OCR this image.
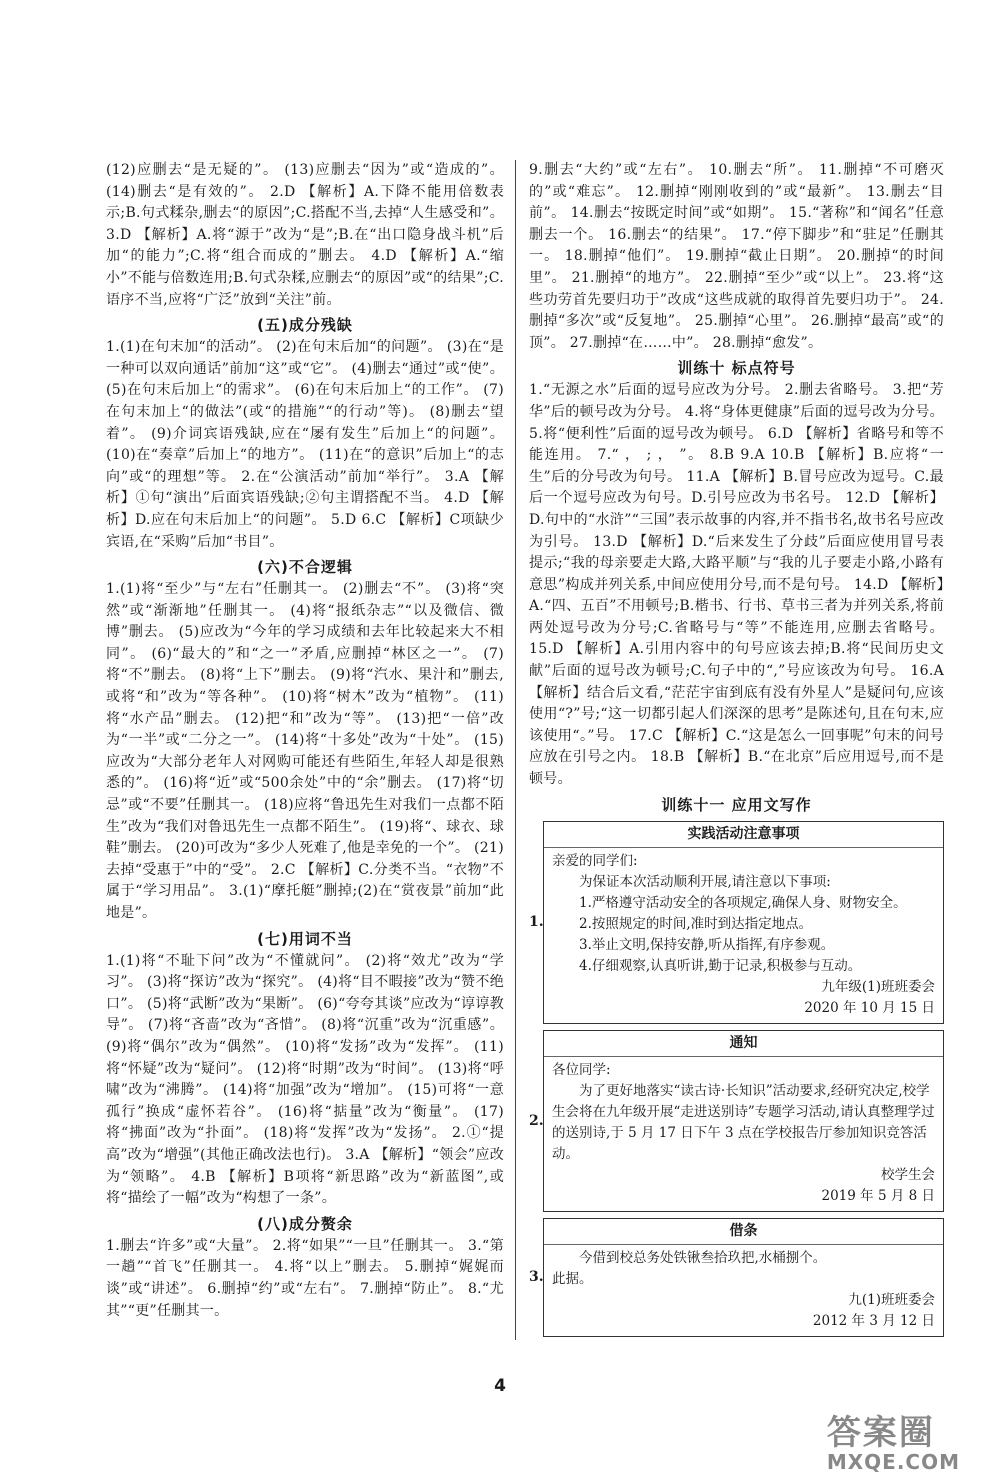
(12)应删去“是无疑的”。 (13)应删去“因为”或“造成的”。 (14)删去“是有效的”。 2.D 【解析】A.下降不能用倍数表示;B.句式糅杂,删去“的原因”;C.搭配不当,去掉“人生感受和”。 3.D 【解析】A.将“源于”改为“是”;B.在“出口隐身战斗机”后加“的能力”;C.将“组合而成的”删去。 4.D 【解析】A.“缩小”不能与倍数连用;B.句式杂糅,应删去“的原因”或“的结果”;C.语序不当,应将“广泛”放到“关注”前。

(五)成分残缺

1.(1)在句末加“的活动”。 (2)在句末后加“的问题”。 (3)在“是一种可以双向通话”前加“这”或“它”。 (4)删去“通过”或“使”。 (5)在句末后加上“的需求”。 (6)在句末后加上“的工作”。 (7)在句末加上“的做法”(或“的措施”“的行动”等)。 (8)删去“望着”。 (9)介词宾语残缺,应在“屡有发生”后加上“的问题”。 (10)在“奏章”后加上“的地方”。 (11)在“的意识”后加上“的志向”或“的理想”等。 2.在“公演活动”前加“举行”。 3.A 【解析】①句“演出”后面宾语残缺;②句主谓搭配不当。 4.D 【解析】D.应在句末后加上“的问题”。 5.D 6.C 【解析】C项缺少宾语,在“采购”后加“书目”。

(六)不合逻辑

1.(1)将“至少”与“左右”任删其一。 (2)删去“不”。 (3)将“突然”或“渐渐地”任删其一。 (4)将“报纸杂志”“以及微信、微博”删去。 (5)应改为“今年的学习成绩和去年比较起来大不相同”。 (6)“最大的”和“之一”矛盾,应删掉“林区之一”。 (7)将“不”删去。 (8)将“上下”删去。 (9)将“汽水、果汁和”删去,或将“和”改为“等各种”。 (10)将“树木”改为“植物”。 (11)将“水产品”删去。 (12)把“和”改为“等”。 (13)把“一倍”改为“一半”或“二分之一”。 (14)将“十多处”改为“十处”。 (15)应改为“大部分老年人对网购可能还有些陌生,年轻人却是很熟悉的”。 (16)将“近”或“500余处”中的“余”删去。 (17)将“切忌”或“不要”任删其一。 (18)应将“鲁迅先生对我们一点都不陌生”改为“我们对鲁迅先生一点都不陌生”。 (19)将“、球衣、球鞋”删去。 (20)可改为“多少人死难了,他是幸免的一个”。 (21)去掉“受惠于”中的“受”。 2.C 【解析】C.分类不当。“衣物”不属于“学习用品”。 3.(1)“摩托艇”删掉;(2)在“赏夜景”前加“此地是”。

(七)用词不当

1.(1)将“不耻下问”改为“不懂就问”。 (2)将“效尤”改为“学习”。 (3)将“探访”改为“探究”。 (4)将“目不暇接”改为“赞不绝口”。 (5)将“武断”改为“果断”。 (6)“夸夸其谈”应改为“谆谆教导”。 (7)将“吝啬”改为“吝惜”。 (8)将“沉重”改为“沉重感”。 (9)将“偶尔”改为“偶然”。 (10)将“发扬”改为“发挥”。 (11)将“怀疑”改为“疑问”。 (12)将“时期”改为“时间”。 (13)将“呼啸”改为“沸腾”。 (14)将“加强”改为“增加”。 (15)可将“一意孤行”换成“虚怀若谷”。 (16)将“掂量”改为“衡量”。 (17)将“拂面”改为“扑面”。 (18)将“发挥”改为“发扬”。 2.①“提高”改为“增强”(其他正确改法也行)。 3.A 【解析】“领会”应改为“领略”。 4.B 【解析】B项将“新思路”改为“新蓝图”,或将“描绘了一幅”改为“构想了一条”。

(八)成分赘余

1.删去“许多”或“大量”。 2.将“如果”“一旦”任删其一。 3.“第一趟”“首飞”任删其一。 4.将“以上”删去。 5.删掉“娓娓而谈”或“讲述”。 6.删掉“约”或“左右”。 7.删掉“防止”。 8.“尤其”“更”任删其一。

9.删去“大约”或“左右”。 10.删去“所”。 11.删掉“不可磨灭的”或“难忘”。 12.删掉“刚刚收到的”或“最新”。 13.删去“目前”。 14.删去“按既定时间”或“如期”。 15.“著称”和“闻名”任意删去一个。 16.删去“的结果”。 17.“停下脚步”和“驻足”任删其一。 18.删掉“他们”。 19.删掉“截止日期”。 20.删掉“的时间里”。 21.删掉“的地方”。 22.删掉“至少”或“以上”。 23.将“这些功劳首先要归功于”改成“这些成就的取得首先要归功于”。 24.删掉“多次”或“反复地”。 25.删掉“心里”。 26.删掉“最高”或“的顶”。 27.删掉“在……中”。 28.删掉“愈发”。

训练十 标点符号

1.“无源之水”后面的逗号应改为分号。 2.删去省略号。 3.把“芳华”后的顿号改为分号。 4.将“身体更健康”后面的逗号改为分号。 5.将“便利性”后面的逗号改为顿号。 6.D 【解析】省略号和等不能连用。 7.“ ， ; ， ”。 8.B 9.A 10.B 【解析】B.应将“一生”后的分号改为句号。 11.A 【解析】B.冒号应改为逗号。C.最后一个逗号应改为句号。D.引号应改为书名号。 12.D 【解析】D.句中的“水浒”“三国”表示故事的内容,并不指书名,故书名号应改为引号。 13.D 【解析】D.“后来发生了分歧”后面应使用冒号表提示;“我的母亲要走大路,大路平顺”与“我的儿子要走小路,小路有意思”构成并列关系,中间应使用分号,而不是句号。 14.D 【解析】A.“四、五百”不用顿号;B.楷书、行书、草书三者为并列关系,将前两处逗号改为分号;C.省略号与“等”不能连用,应删去省略号。 15.D 【解析】A.引用内容中的句号应该去掉;B.将“民间历史文献”后面的逗号改为顿号;C.句子中的“,”号应该改为句号。 16.A 【解析】结合后文看,“茫茫宇宙到底有没有外星人”是疑问句,应该使用“?”号;“这一切都引起人们深深的思考”是陈述句,且在句末,应该使用“。”号。 17.C 【解析】C.“这是怎么一回事呢”句末的问号应放在引号之内。 18.B 【解析】B.“在北京”后应用逗号,而不是顿号。

训练十一 应用文写作
1.
实践活动注意事项
亲爱的同学们:
为保证本次活动顺利开展,请注意以下事项:
1.严格遵守活动安全的各项规定,确保人身、财物安全。
2.按照规定的时间,准时到达指定地点。
3.举止文明,保持安静,听从指挥,有序参观。
4.仔细观察,认真听讲,勤于记录,积极参与互动。
九年级(1)班班委会
2020 年 10 月 15 日
2.
通知
各位同学:
为了更好地落实“读古诗·长知识”活动要求,经研究决定,校学生会将在九年级开展“走进送别诗”专题学习活动,请认真整理学过的送别诗,于 5 月 17 日下午 3 点在学校报告厅参加知识竞答活动。
校学生会
2019 年 5 月 8 日
3.
借条
今借到校总务处铁锹叁拾玖把,水桶捌个。
此据。
九(1)班班委会
2012 年 3 月 12 日
4
答案圈
MXQE.COM
